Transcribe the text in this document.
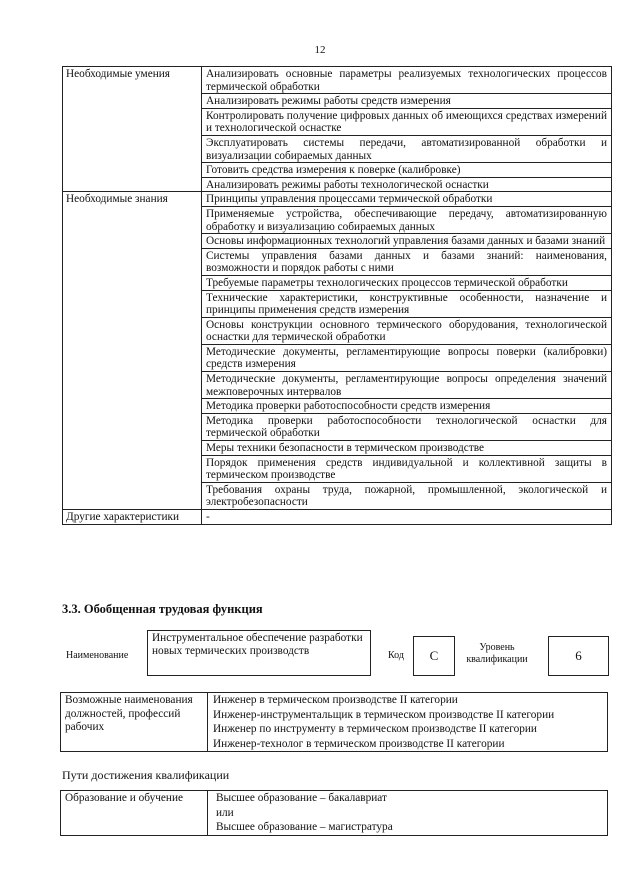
12
Необходимые умения	Анализировать основные параметры реализуемых технологических процессов термической обработки
	Анализировать режимы работы средств измерения
	Контролировать получение цифровых данных об имеющихся средствах измерений и технологической оснастке
	Эксплуатировать системы передачи, автоматизированной обработки и визуализации собираемых данных
	Готовить средства измерения к поверке (калибровке)
	Анализировать режимы работы технологической оснастки
Необходимые знания	Принципы управления процессами термической обработки
	Применяемые устройства, обеспечивающие передачу, автоматизированную обработку и визуализацию собираемых данных
	Основы информационных технологий управления базами данных и базами знаний
	Системы управления базами данных и базами знаний: наименования, возможности и порядок работы с ними
	Требуемые параметры технологических процессов термической обработки
	Технические характеристики, конструктивные особенности, назначение и принципы применения средств измерения
	Основы конструкции основного термического оборудования, технологической оснастки для термической обработки
	Методические документы, регламентирующие вопросы поверки (калибровки) средств измерения
	Методические документы, регламентирующие вопросы определения значений межповерочных интервалов
	Методика проверки работоспособности средств измерения
	Методика проверки работоспособности технологической оснастки для термической обработки
	Меры техники безопасности в термическом производстве
	Порядок применения средств индивидуальной и коллективной защиты в термическом производстве
	Требования охраны труда, пожарной, промышленной, экологической и электробезопасности
Другие характеристики	-
3.3. Обобщенная трудовая функция
Наименование
Инструментальное обеспечение разработки новых термических производств	Код	C
Уровень квалификации	6
Возможные наименования должностей, профессий рабочих	Инженер в термическом производстве II категории
Инженер-инструментальщик в термическом производстве II категории
Инженер по инструменту в термическом производстве II категории
Инженер-технолог в термическом производстве II категории
Пути достижения квалификации
Образование и обучение	Высшее образование – бакалавриат
или
Высшее образование – магистратура
